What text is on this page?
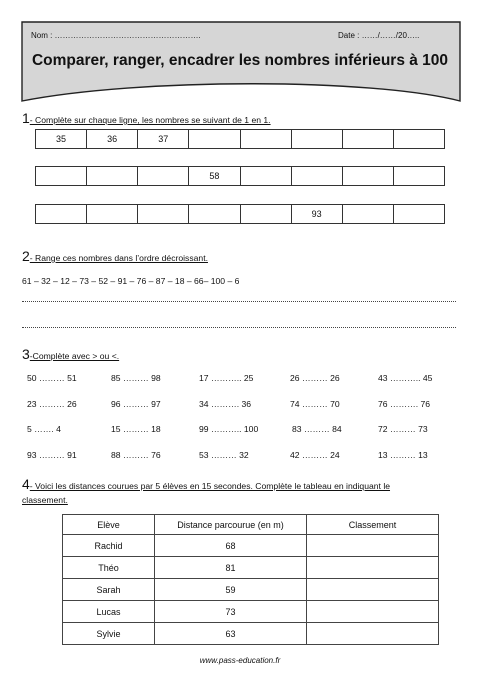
Nom : ……………………………………………….	Date : ……/……/20…..
Comparer, ranger, encadrer les nombres inférieurs à 100
1- Complète sur chaque ligne, les nombres se suivant de 1 en 1.
35	36	37					
			58				
					93		
2- Range ces nombres dans l’ordre décroissant.
61 – 32 – 12 – 73 – 52 – 91 – 76 – 87 – 18 – 66– 100 – 6
3-Complète avec > ou <.
50 ……… 51	85 ……… 98	17 ……….. 25	26 ……… 26	43 ……….. 45
23 ……… 26	96 ……… 97	34 ………. 36	74 ……… 70	76 ………. 76
5 ……. 4	15 ……… 18	99 ……….. 100	83 ……… 84	72 ……… 73
93 ……… 91	88 ……… 76	53 ……… 32	42 ……… 24	13 ……… 13
4- Voici les distances courues par 5 élèves en 15 secondes. Complète le tableau en indiquant le
classement.
Elève	Distance parcourue (en m)	Classement
Rachid	68	
Théo	81	
Sarah	59	
Lucas	73	
Sylvie	63	
www.pass-education.fr
